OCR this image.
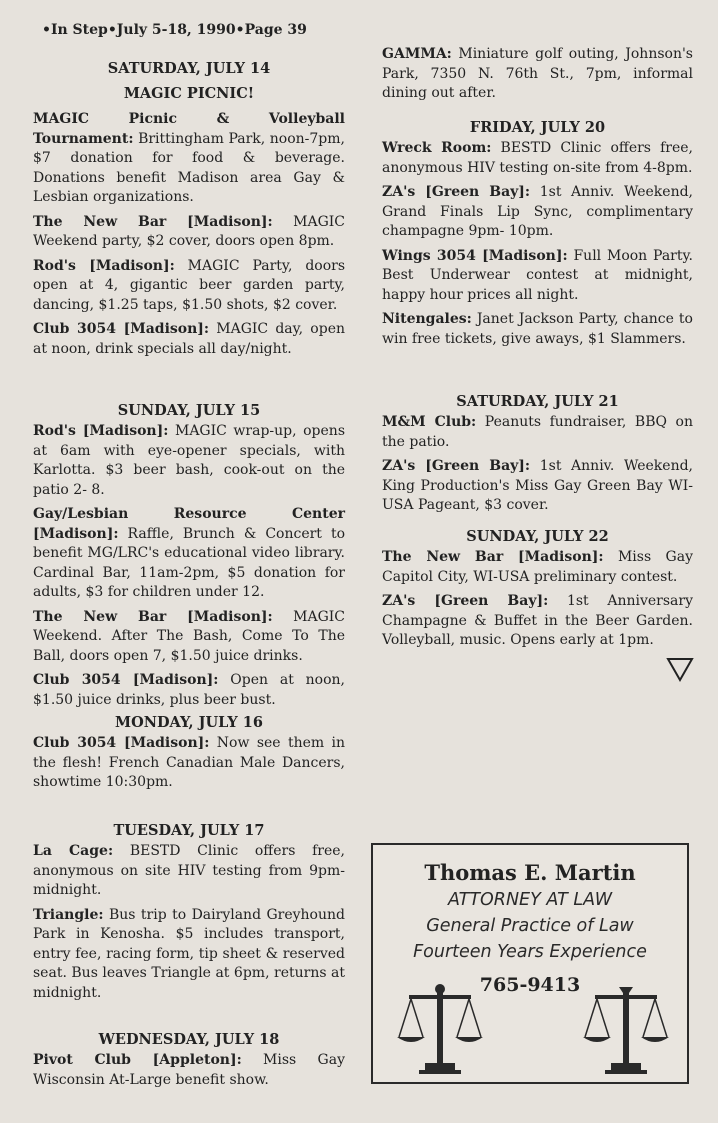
•In Step•July 5-18, 1990•Page 39
SATURDAY, JULY 14
MAGIC PICNIC!

MAGIC Picnic & Volleyball Tournament: Brittingham Park, noon-7pm, $7 donation for food & beverage. Donations benefit Madison area Gay & Lesbian organizations.

The New Bar [Madison]: MAGIC Weekend party, $2 cover, doors open 8pm.

Rod's [Madison]: MAGIC Party, doors open at 4, gigantic beer garden party, dancing, $1.25 taps, $1.50 shots, $2 cover.

Club 3054 [Madison]: MAGIC day, open at noon, drink specials all day/night.

SUNDAY, JULY 15

Rod's [Madison]: MAGIC wrap-up, opens at 6am with eye-opener specials, with Karlotta. $3 beer bash, cook-out on the patio 2- 8.

Gay/Lesbian Resource Center [Madison]: Raffle, Brunch & Concert to benefit MG/LRC's educational video library. Cardinal Bar, 11am-2pm, $5 donation for adults, $3 for children under 12.

The New Bar [Madison]: MAGIC Weekend. After The Bash, Come To The Ball, doors open 7, $1.50 juice drinks.

Club 3054 [Madison]: Open at noon, $1.50 juice drinks, plus beer bust.

MONDAY, JULY 16

Club 3054 [Madison]: Now see them in the flesh! French Canadian Male Dancers, showtime 10:30pm.

TUESDAY, JULY 17

La Cage: BESTD Clinic offers free, anonymous on site HIV testing from 9pm-midnight.

Triangle: Bus trip to Dairyland Greyhound Park in Kenosha. $5 includes transport, entry fee, racing form, tip sheet & reserved seat. Bus leaves Triangle at 6pm, returns at midnight.

WEDNESDAY, JULY 18

Pivot Club [Appleton]: Miss Gay Wisconsin At-Large benefit show.

GAMMA: Miniature golf outing, Johnson's Park, 7350 N. 76th St., 7pm, informal dining out after.

FRIDAY, JULY 20

Wreck Room: BESTD Clinic offers free, anonymous HIV testing on-site from 4-8pm.

ZA's [Green Bay]: 1st Anniv. Weekend, Grand Finals Lip Sync, complimentary champagne 9pm- 10pm.

Wings 3054 [Madison]: Full Moon Party. Best Underwear contest at midnight, happy hour prices all night.

Nitengales: Janet Jackson Party, chance to win free tickets, give aways, $1 Slammers.

SATURDAY, JULY 21

M&M Club: Peanuts fundraiser, BBQ on the patio.

ZA's [Green Bay]: 1st Anniv. Weekend, King Production's Miss Gay Green Bay WI-USA Pageant, $3 cover.

SUNDAY, JULY 22

The New Bar [Madison]: Miss Gay Capitol City, WI-USA preliminary contest.

ZA's [Green Bay]: 1st Anniversary Champagne & Buffet in the Beer Garden. Volleyball, music. Opens early at 1pm.

Thomas E. Martin
ATTORNEY AT LAW
General Practice of Law
Fourteen Years Experience
765-9413
